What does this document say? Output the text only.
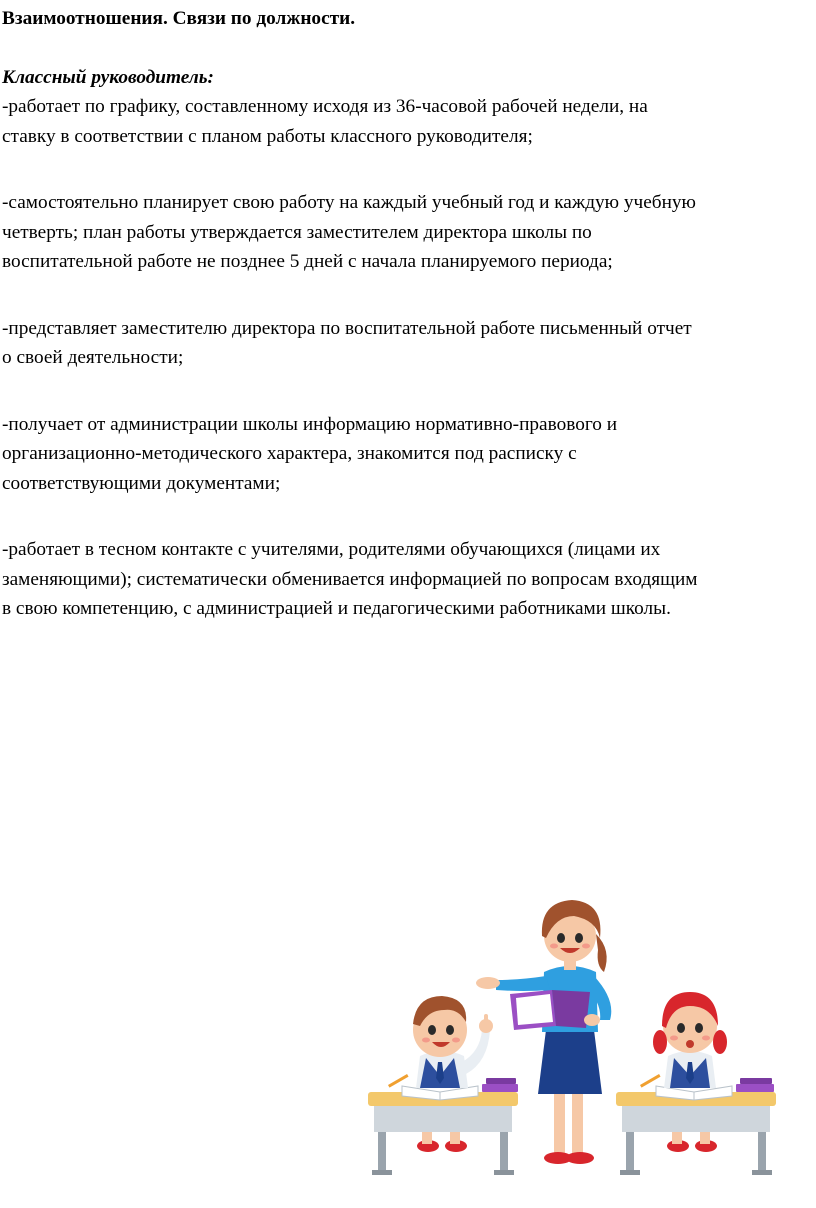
Взаимоотношения. Связи по должности.

Классный руководитель:

-работает по графику, составленному исходя из 36-часовой рабочей недели, на
ставку в соответствии с планом работы классного руководителя;
-самостоятельно планирует свою работу на каждый учебный год и каждую учебную
четверть; план работы утверждается заместителем директора школы по
воспитательной работе не позднее 5 дней с начала планируемого периода;
-представляет заместителю директора по воспитательной работе письменный отчет
о своей деятельности;
-получает от администрации школы информацию нормативно-правового и
организационно-методического характера, знакомится под расписку с
соответствующими документами;
-работает в тесном контакте с учителями, родителями обучающихся (лицами их
заменяющими); систематически обменивается информацией по вопросам входящим
в свою компетенцию, с администрацией и педагогическими работниками школы.
